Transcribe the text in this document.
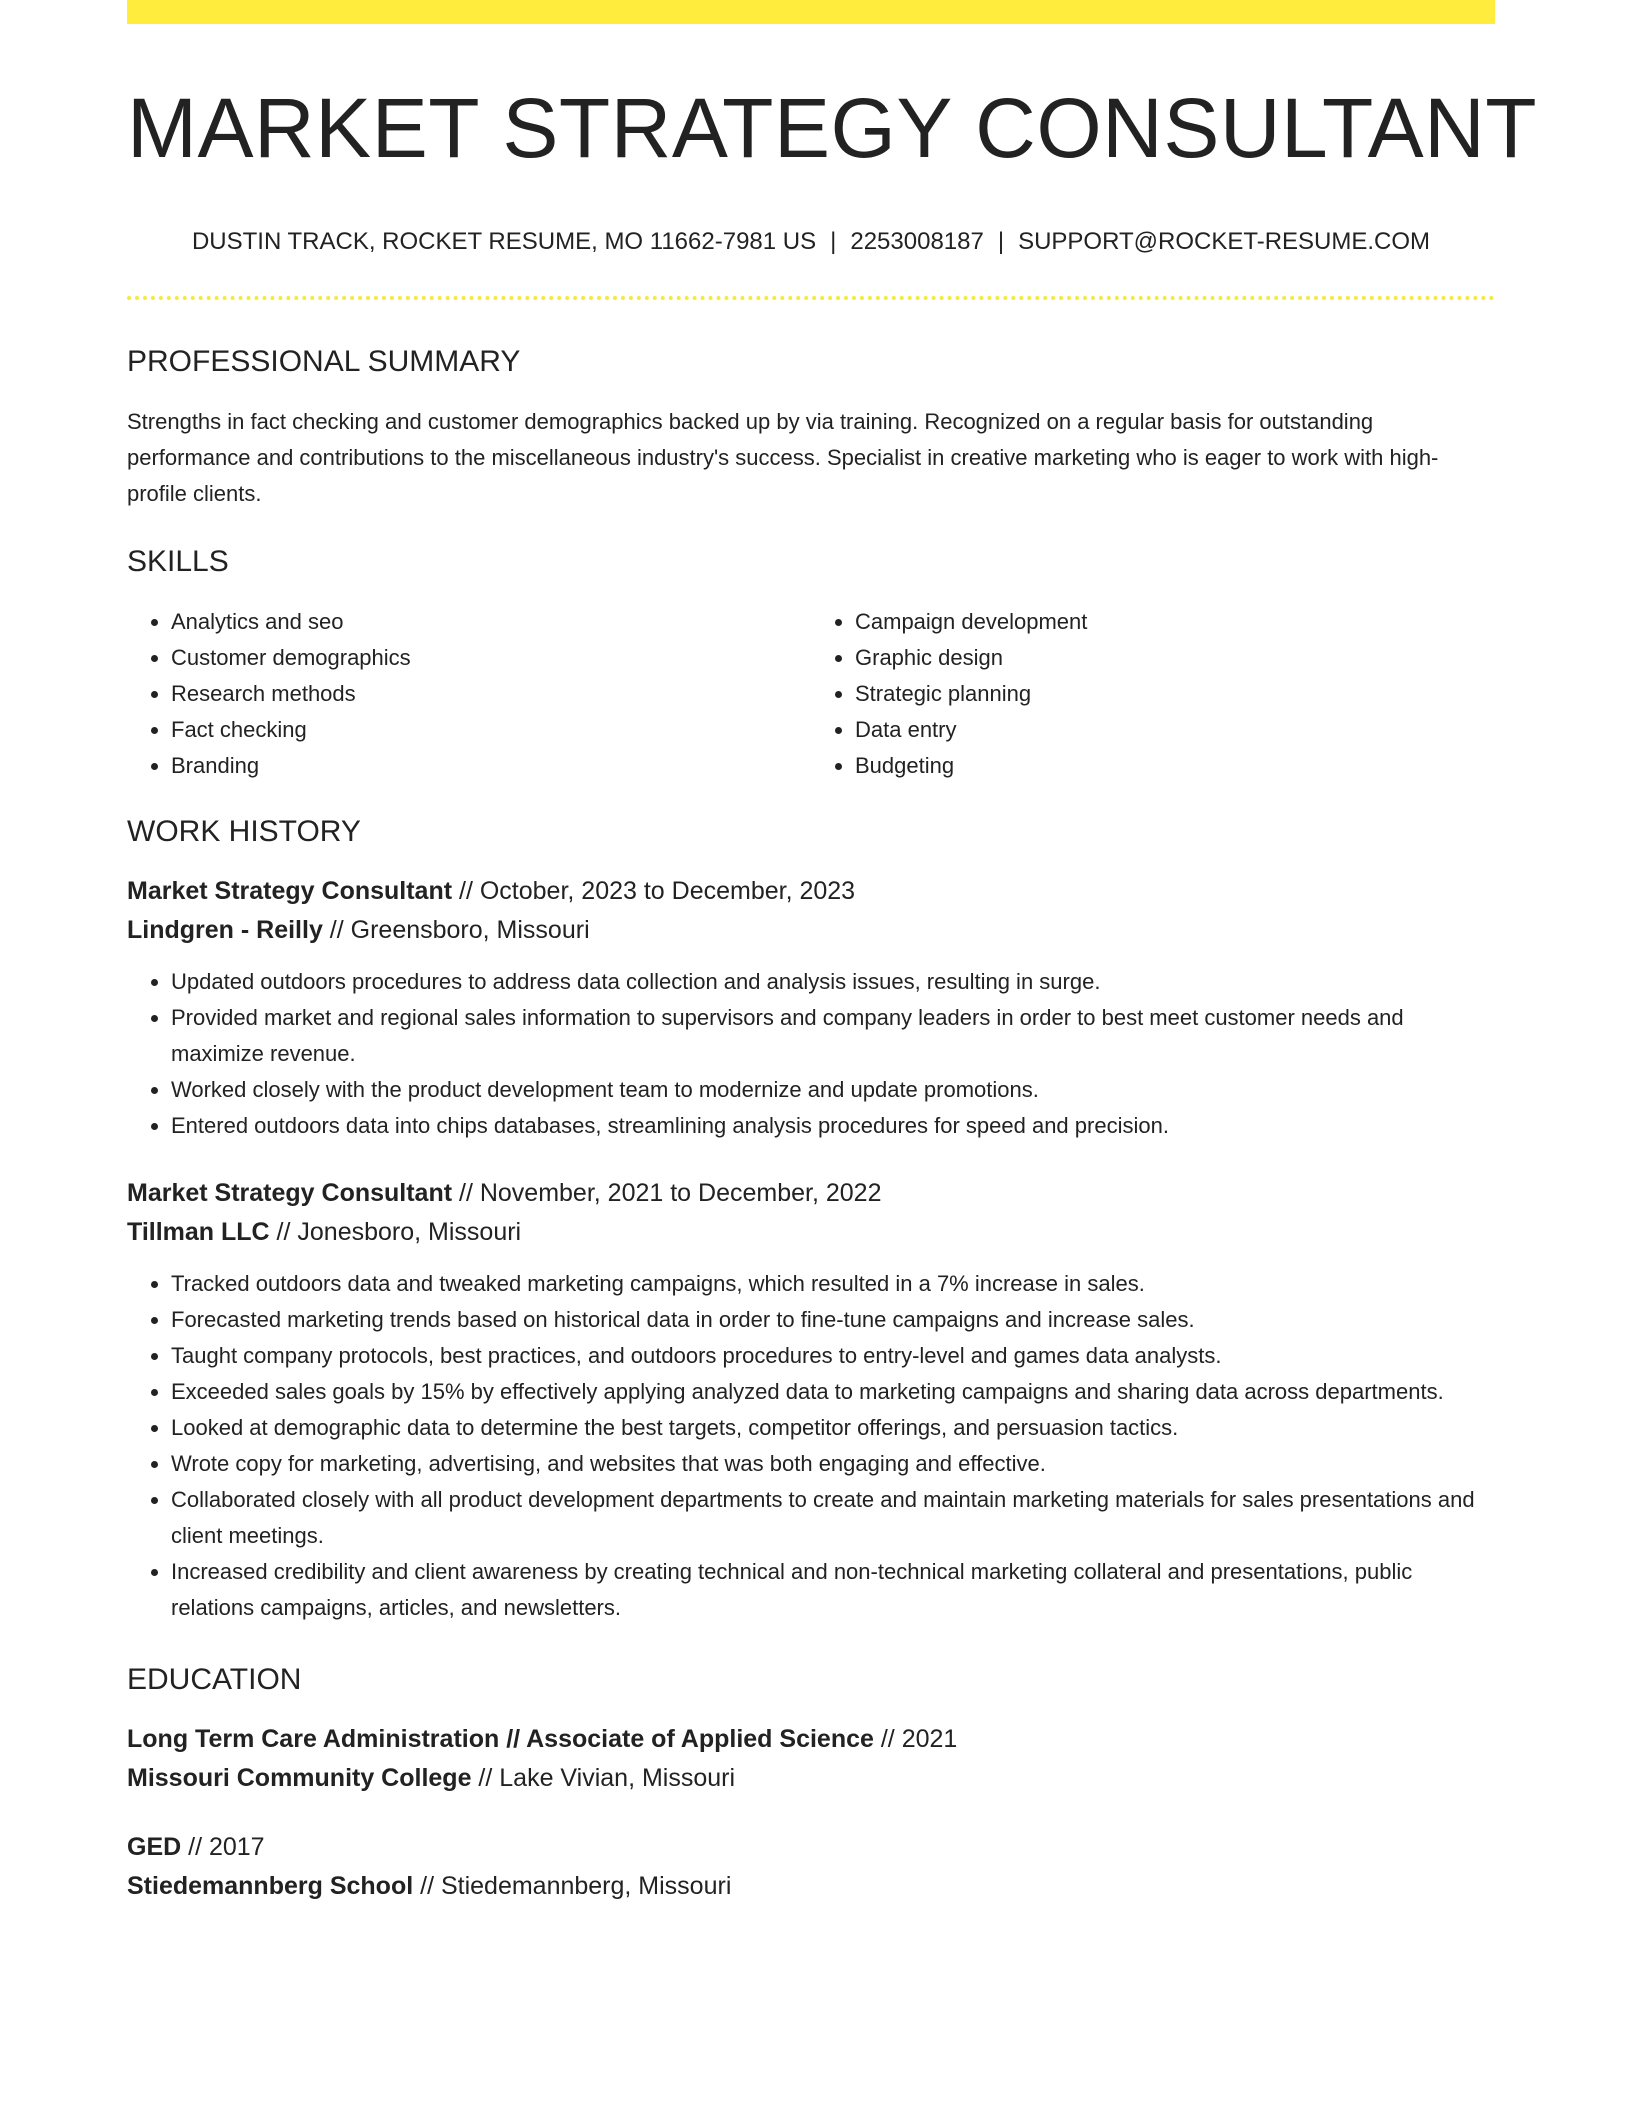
MARKET STRATEGY CONSULTANT
DUSTIN TRACK, ROCKET RESUME, MO 11662-7981 US | 2253008187 | SUPPORT@ROCKET-RESUME.COM
PROFESSIONAL SUMMARY
Strengths in fact checking and customer demographics backed up by via training. Recognized on a regular basis for outstanding performance and contributions to the miscellaneous industry's success. Specialist in creative marketing who is eager to work with high-profile clients.
SKILLS
• Analytics and seo
• Customer demographics
• Research methods
• Fact checking
• Branding
• Campaign development
• Graphic design
• Strategic planning
• Data entry
• Budgeting
WORK HISTORY
Market Strategy Consultant // October, 2023 to December, 2023
Lindgren - Reilly // Greensboro, Missouri
• Updated outdoors procedures to address data collection and analysis issues, resulting in surge.
• Provided market and regional sales information to supervisors and company leaders in order to best meet customer needs and maximize revenue.
• Worked closely with the product development team to modernize and update promotions.
• Entered outdoors data into chips databases, streamlining analysis procedures for speed and precision.
Market Strategy Consultant // November, 2021 to December, 2022
Tillman LLC // Jonesboro, Missouri
• Tracked outdoors data and tweaked marketing campaigns, which resulted in a 7% increase in sales.
• Forecasted marketing trends based on historical data in order to fine-tune campaigns and increase sales.
• Taught company protocols, best practices, and outdoors procedures to entry-level and games data analysts.
• Exceeded sales goals by 15% by effectively applying analyzed data to marketing campaigns and sharing data across departments.
• Looked at demographic data to determine the best targets, competitor offerings, and persuasion tactics.
• Wrote copy for marketing, advertising, and websites that was both engaging and effective.
• Collaborated closely with all product development departments to create and maintain marketing materials for sales presentations and client meetings.
• Increased credibility and client awareness by creating technical and non-technical marketing collateral and presentations, public relations campaigns, articles, and newsletters.
EDUCATION
Long Term Care Administration // Associate of Applied Science // 2021
Missouri Community College // Lake Vivian, Missouri
GED // 2017
Stiedemannberg School // Stiedemannberg, Missouri
